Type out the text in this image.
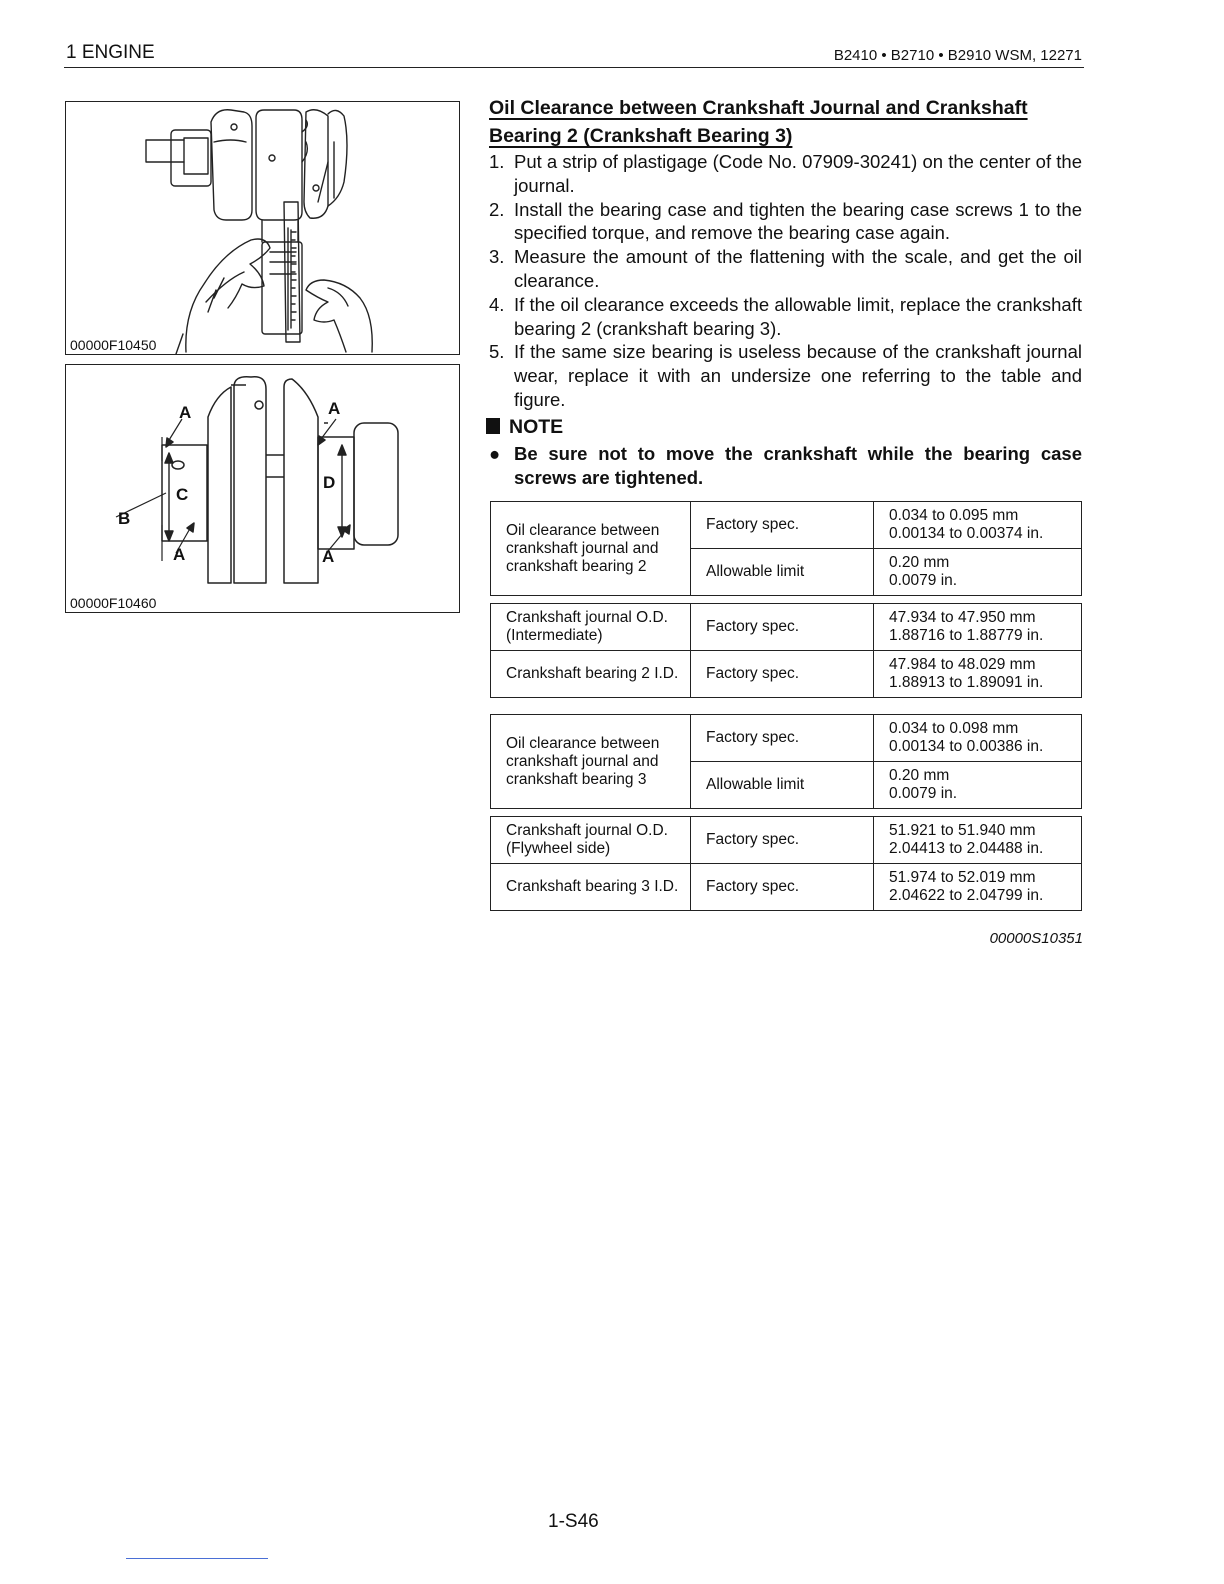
1 ENGINE	B2410 • B2710 • B2910 WSM, 12271
00000F10450
A	A
B
C
D
A	A
00000F10460
Oil Clearance between Crankshaft Journal and Crankshaft
Bearing 2 (Crankshaft Bearing 3)
1. Put a strip of plastigage (Code No. 07909-30241) on the center of the journal.
2. Install the bearing case and tighten the bearing case screws 1 to the specified torque, and remove the bearing case again.
3. Measure the amount of the flattening with the scale, and get the oil clearance.
4. If the oil clearance exceeds the allowable limit, replace the crankshaft bearing 2 (crankshaft bearing 3).
5. If the same size bearing is useless because of the crankshaft journal wear, replace it with an undersize one referring to the table and figure.
NOTE
● Be sure not to move the crankshaft while the bearing case screws are tightened.
Oil clearance between crankshaft journal and crankshaft bearing 2	Factory spec.	0.034 to 0.095 mm
0.00134 to 0.00374 in.
	Allowable limit	0.20 mm
0.0079 in.
Crankshaft journal O.D.
(Intermediate)	Factory spec.	47.934 to 47.950 mm
1.88716 to 1.88779 in.
Crankshaft bearing 2 I.D.	Factory spec.	47.984 to 48.029 mm
1.88913 to 1.89091 in.
Oil clearance between crankshaft journal and crankshaft bearing 3	Factory spec.	0.034 to 0.098 mm
0.00134 to 0.00386 in.
	Allowable limit	0.20 mm
0.0079 in.
Crankshaft journal O.D.
(Flywheel side)	Factory spec.	51.921 to 51.940 mm
2.04413 to 2.04488 in.
Crankshaft bearing 3 I.D.	Factory spec.	51.974 to 52.019 mm
2.04622 to 2.04799 in.
00000S10351
1-S46
